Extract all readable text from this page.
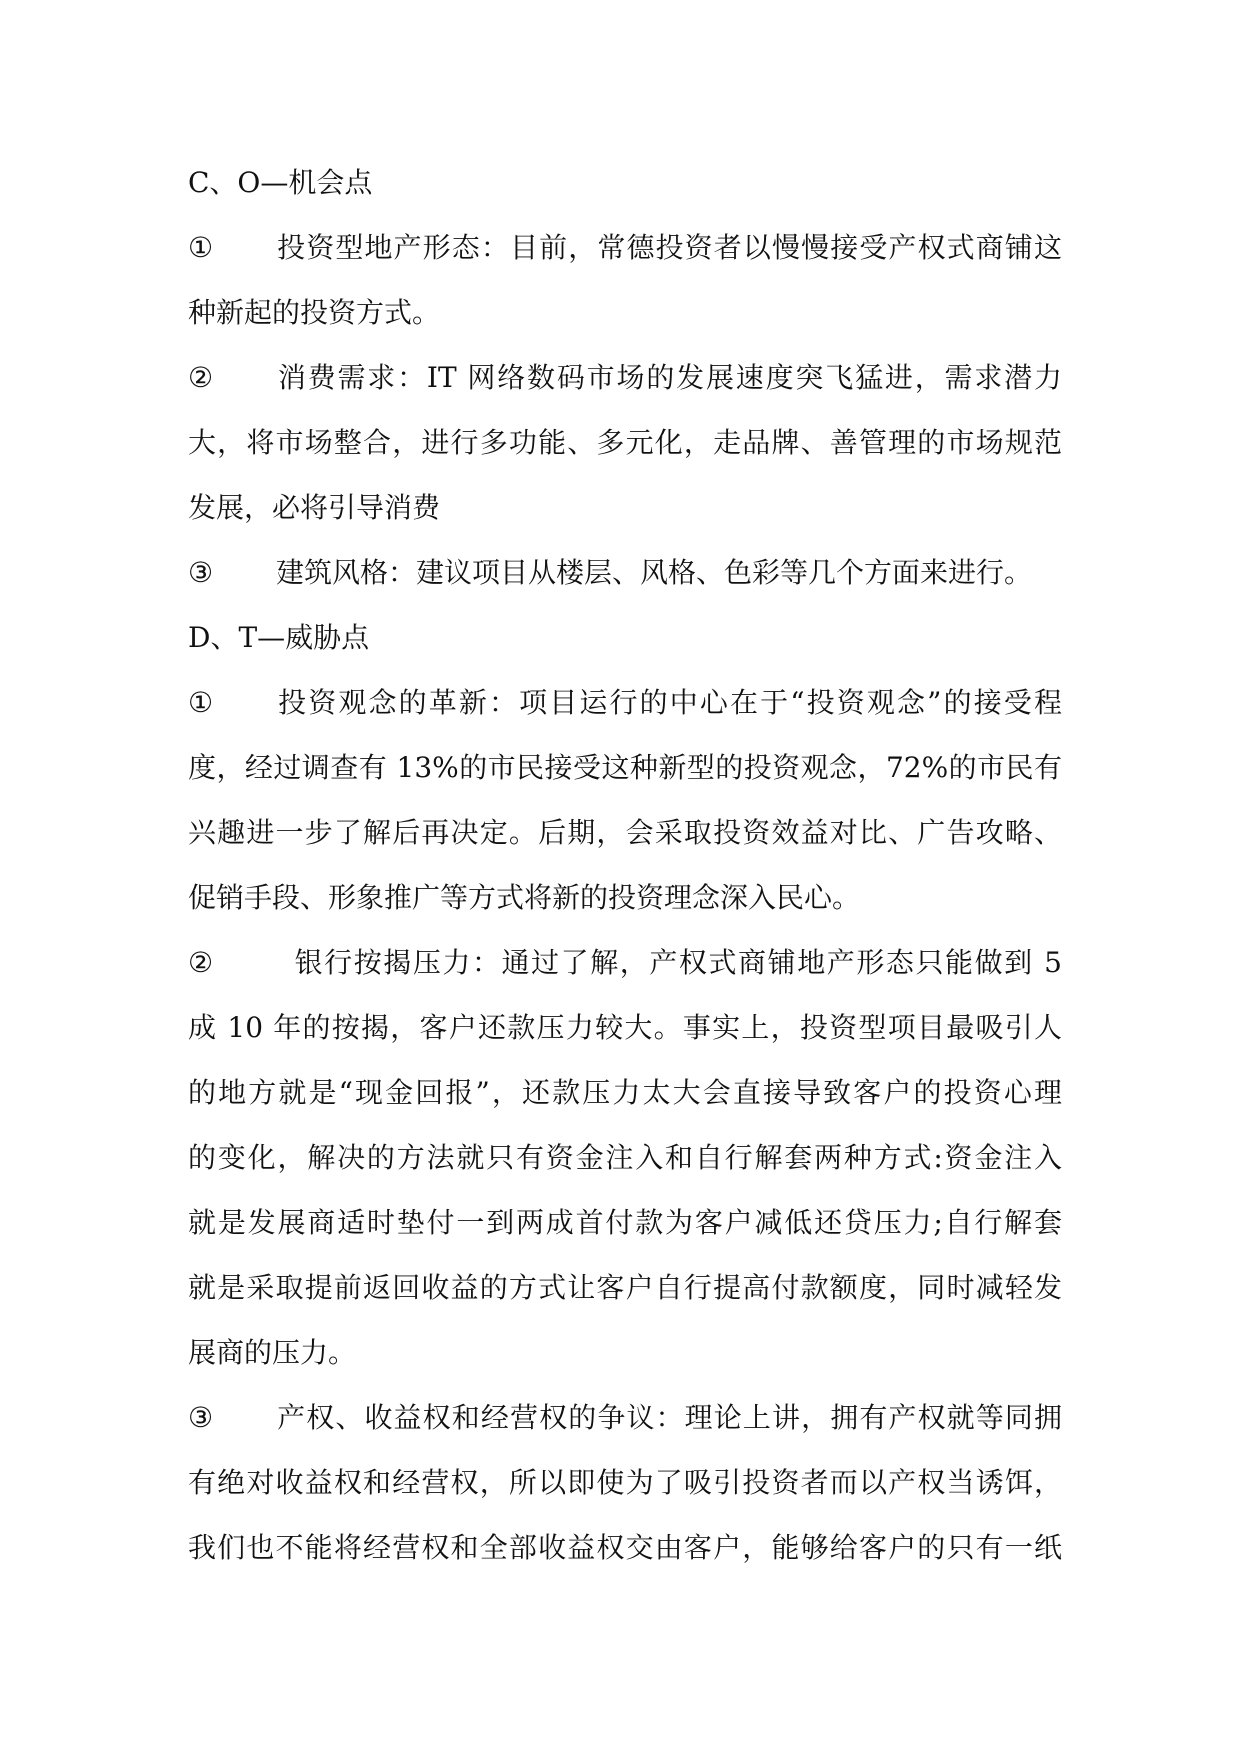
C、O—机会点
① 投资型地产形态：目前，常德投资者以慢慢接受产权式商铺这
种新起的投资方式。
② 消费需求：IT 网络数码市场的发展速度突飞猛进，需求潜力
大，将市场整合，进行多功能、多元化，走品牌、善管理的市场规范
发展，必将引导消费
③ 建筑风格：建议项目从楼层、风格、色彩等几个方面来进行。
D、T—威胁点
① 投资观念的革新：项目运行的中心在于“投资观念”的接受程
度，经过调查有 13%的市民接受这种新型的投资观念，72%的市民有
兴趣进一步了解后再决定。后期，会采取投资效益对比、广告攻略、
促销手段、形象推广等方式将新的投资理念深入民心。
②	银行按揭压力：通过了解，产权式商铺地产形态只能做到 5
成 10 年的按揭，客户还款压力较大。事实上，投资型项目最吸引人
的地方就是“现金回报”，还款压力太大会直接导致客户的投资心理
的变化，解决的方法就只有资金注入和自行解套两种方式:资金注入
就是发展商适时垫付一到两成首付款为客户减低还贷压力;自行解套
就是采取提前返回收益的方式让客户自行提高付款额度，同时减轻发
展商的压力。
③ 产权、收益权和经营权的争议：理论上讲，拥有产权就等同拥
有绝对收益权和经营权，所以即使为了吸引投资者而以产权当诱饵，
我们也不能将经营权和全部收益权交由客户，能够给客户的只有一纸
